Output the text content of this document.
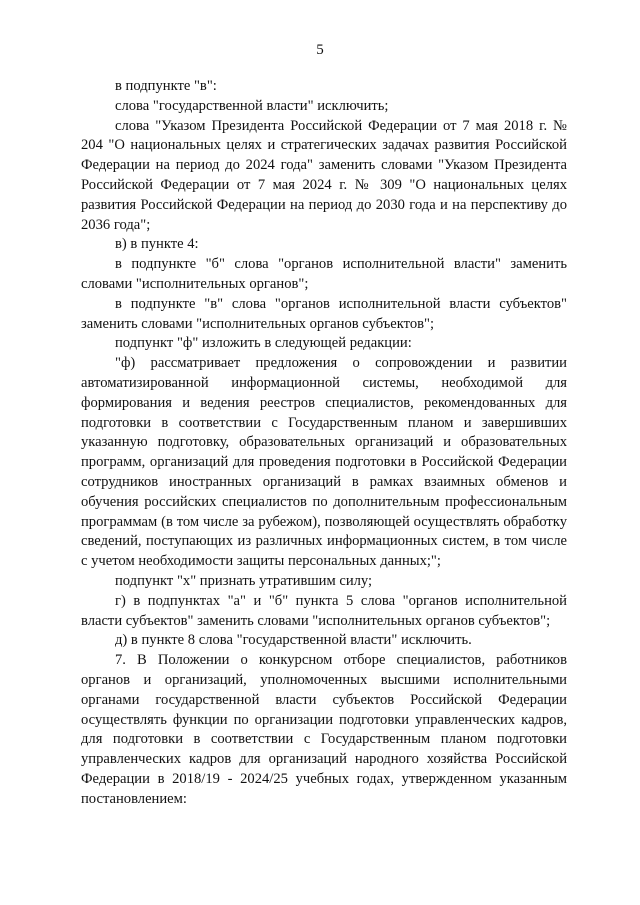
5

в подпункте "в":

слова "государственной власти" исключить;

слова "Указом Президента Российской Федерации от 7 мая 2018 г. № 204 "О национальных целях и стратегических задачах развития Российской Федерации на период до 2024 года" заменить словами "Указом Президента Российской Федерации от 7 мая 2024 г. № 309 "О национальных целях развития Российской Федерации на период до 2030 года и на перспективу до 2036 года";

в) в пункте 4:

в подпункте "б" слова "органов исполнительной власти" заменить словами "исполнительных органов";

в подпункте "в" слова "органов исполнительной власти субъектов" заменить словами "исполнительных органов субъектов";

подпункт "ф" изложить в следующей редакции:

"ф) рассматривает предложения о сопровождении и развитии автоматизированной информационной системы, необходимой для формирования и ведения реестров специалистов, рекомендованных для подготовки в соответствии с Государственным планом и завершивших указанную подготовку, образовательных организаций и образовательных программ, организаций для проведения подготовки в Российской Федерации сотрудников иностранных организаций в рамках взаимных обменов и обучения российских специалистов по дополнительным профессиональным программам (в том числе за рубежом), позволяющей осуществлять обработку сведений, поступающих из различных информационных систем, в том числе с учетом необходимости защиты персональных данных;";

подпункт "х" признать утратившим силу;

г) в подпунктах "а" и "б" пункта 5 слова "органов исполнительной власти субъектов" заменить словами "исполнительных органов субъектов";

д) в пункте 8 слова "государственной власти" исключить.

7. В Положении о конкурсном отборе специалистов, работников органов и организаций, уполномоченных высшими исполнительными органами государственной власти субъектов Российской Федерации осуществлять функции по организации подготовки управленческих кадров, для подготовки в соответствии с Государственным планом подготовки управленческих кадров для организаций народного хозяйства Российской Федерации в 2018/19 - 2024/25 учебных годах, утвержденном указанным постановлением:
